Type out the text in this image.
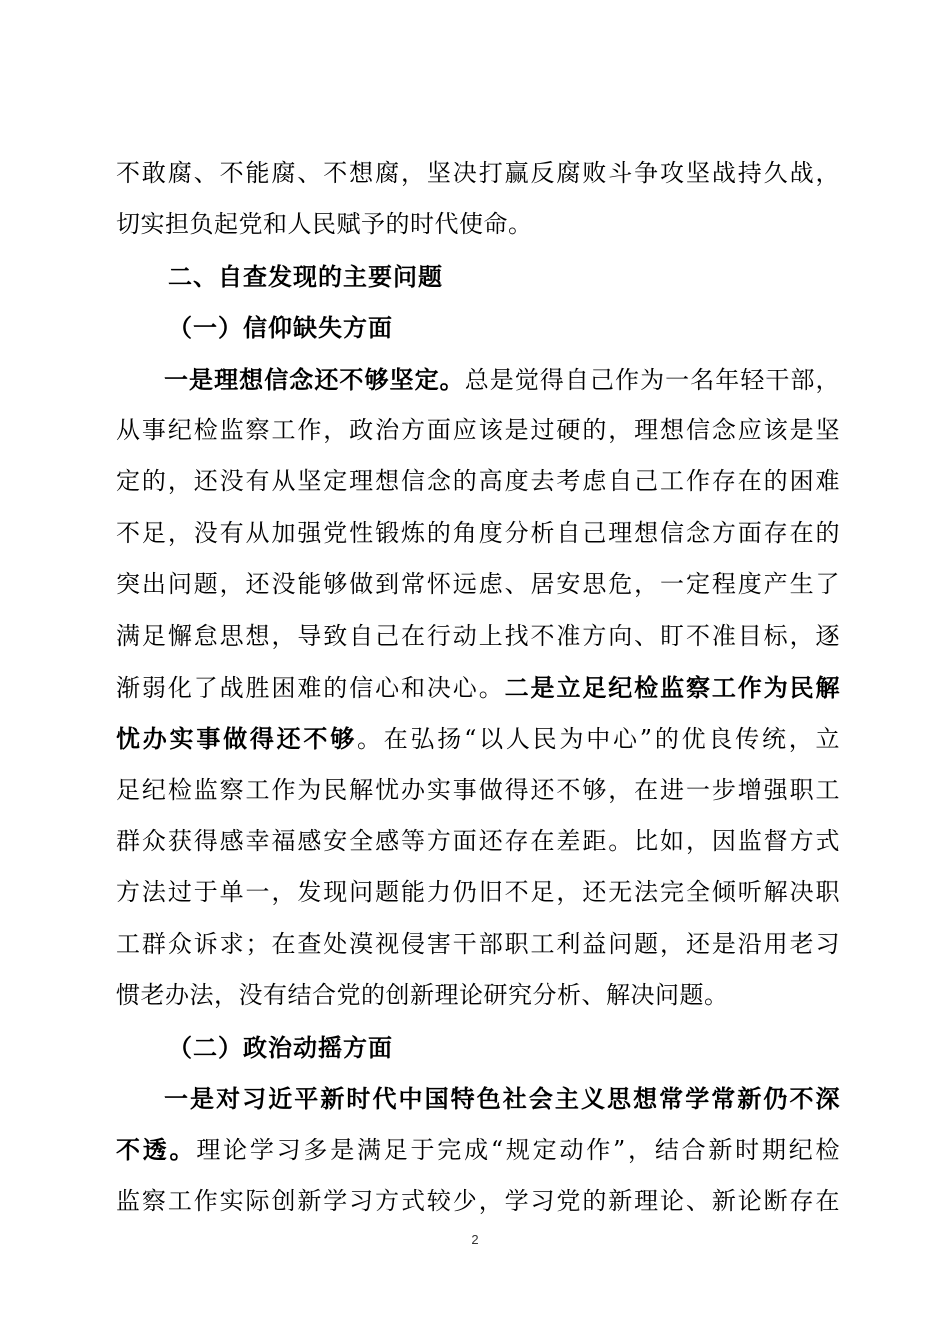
不敢腐、不能腐、不想腐，坚决打赢反腐败斗争攻坚战持久战，
切实担负起党和人民赋予的时代使命。
二、自查发现的主要问题
（一）信仰缺失方面
一是理想信念还不够坚定。总是觉得自己作为一名年轻干部，
从事纪检监察工作，政治方面应该是过硬的，理想信念应该是坚
定的，还没有从坚定理想信念的高度去考虑自己工作存在的困难
不足，没有从加强党性锻炼的角度分析自己理想信念方面存在的
突出问题，还没能够做到常怀远虑、居安思危，一定程度产生了
满足懈怠思想，导致自己在行动上找不准方向、盯不准目标，逐
渐弱化了战胜困难的信心和决心。二是立足纪检监察工作为民解
忧办实事做得还不够。在弘扬“以人民为中心”的优良传统，立
足纪检监察工作为民解忧办实事做得还不够，在进一步增强职工
群众获得感幸福感安全感等方面还存在差距。比如，因监督方式
方法过于单一，发现问题能力仍旧不足，还无法完全倾听解决职
工群众诉求；在查处漠视侵害干部职工利益问题，还是沿用老习
惯老办法，没有结合党的创新理论研究分析、解决问题。
（二）政治动摇方面
一是对习近平新时代中国特色社会主义思想常学常新仍不深
不透。理论学习多是满足于完成“规定动作”，结合新时期纪检
监察工作实际创新学习方式较少，学习党的新理论、新论断存在
2
